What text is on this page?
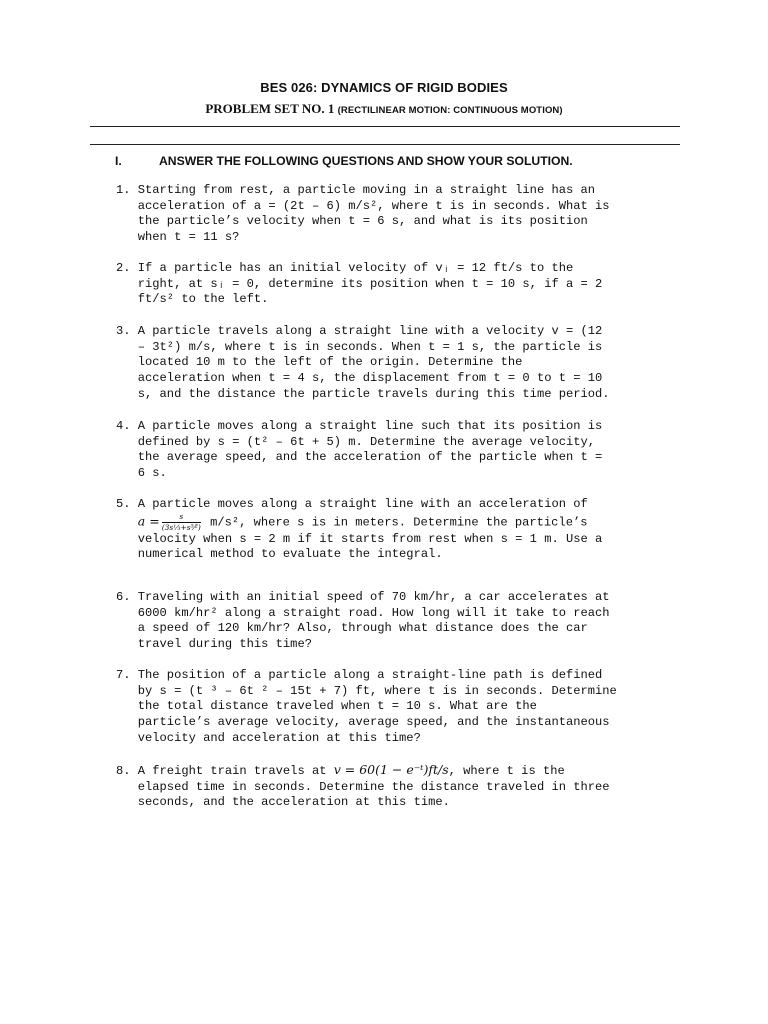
BES 026: DYNAMICS OF RIGID BODIES
PROBLEM SET NO. 1 (RECTILINEAR MOTION: CONTINUOUS MOTION)
I.	ANSWER THE FOLLOWING QUESTIONS AND SHOW YOUR SOLUTION.
1. Starting from rest, a particle moving in a straight line has an
acceleration of a = (2t – 6) m/s², where t is in seconds. What is
the particle’s velocity when t = 6 s, and what is its position
when t = 11 s?
2. If a particle has an initial velocity of vᵢ = 12 ft/s to the
right, at sᵢ = 0, determine its position when t = 10 s, if a = 2
ft/s² to the left.
3. A particle travels along a straight line with a velocity v = (12
– 3t²) m/s, where t is in seconds. When t = 1 s, the particle is
located 10 m to the left of the origin. Determine the
acceleration when t = 4 s, the displacement from t = 0 to t = 10
s, and the distance the particle travels during this time period.
4. A particle moves along a straight line such that its position is
defined by s = (t² – 6t + 5) m. Determine the average velocity,
the average speed, and the acceleration of the particle when t =
6 s.
5. A particle moves along a straight line with an acceleration of
$a = \frac{s}{\text{(3s⅓+s⁵⁄²)}} m/s^2$, where s is in meters. Determine the particle’s
velocity when s = 2 m if it starts from rest when s = 1 m. Use a
numerical method to evaluate the integral.
6. Traveling with an initial speed of 70 km/hr, a car accelerates at
6000 km/hr² along a straight road. How long will it take to reach
a speed of 120 km/hr? Also, through what distance does the car
travel during this time?
7. The position of a particle along a straight-line path is defined
by s = (t ³ – 6t ² – 15t + 7) ft, where t is in seconds. Determine
the total distance traveled when t = 10 s. What are the
particle’s average velocity, average speed, and the instantaneous
velocity and acceleration at this time?
8. A freight train travels at v = 60(1 − e⁻ᵗ)ft/s, where t is the
elapsed time in seconds. Determine the distance traveled in three
seconds, and the acceleration at this time.
